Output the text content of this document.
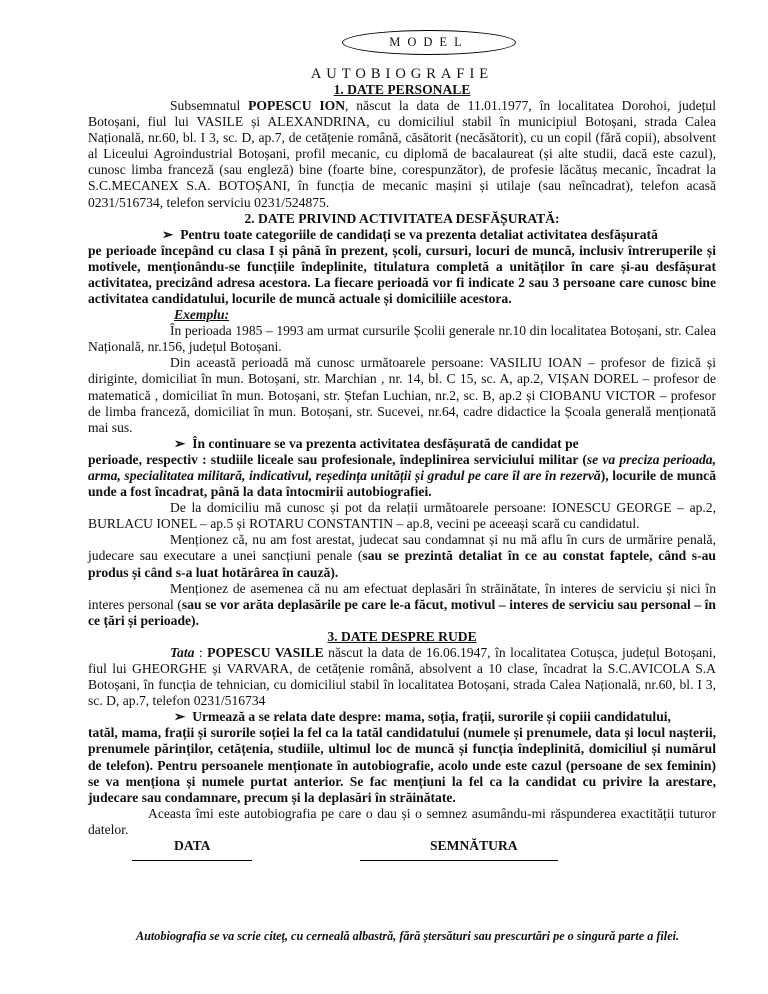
MODEL
AUTOBIOGRAFIE
1. DATE PERSONALE

Subsemnatul POPESCU ION, născut la data de 11.01.1977, în localitatea Dorohoi, județul Botoșani, fiul lui VASILE și ALEXANDRINA, cu domiciliul stabil în municipiul Botoșani, strada Calea Națională, nr.60, bl. I 3, sc. D, ap.7, de cetățenie română, căsătorit (necăsătorit), cu un copil (fără copii), absolvent al Liceului Agroindustrial Botoșani, profil mecanic, cu diplomă de bacalaureat (și alte studii, dacă este cazul), cunosc limba franceză (sau engleză) bine (foarte bine, corespunzător), de profesie lăcătuș mecanic, încadrat la S.C.MECANEX S.A. BOTOȘANI, în funcția de mecanic mașini și utilaje (sau neîncadrat), telefon acasă 0231/516734, telefon serviciu 0231/524875.

2. DATE PRIVIND ACTIVITATEA DESFĂȘURATĂ:

➢  Pentru toate categoriile de candidați se va prezenta detaliat activitatea desfășurată

pe perioade începând cu clasa I și până în prezent, școli, cursuri, locuri de muncă, inclusiv întreruperile și motivele, menționându-se funcțiile îndeplinite, titulatura completă a unităților în care și-au desfășurat activitatea, precizând adresa acestora. La fiecare perioadă vor fi indicate 2 sau 3 persoane care cunosc bine activitatea candidatului, locurile de muncă actuale și domiciliile acestora.

Exemplu:

În perioada 1985 – 1993 am urmat cursurile Școlii generale nr.10 din localitatea Botoșani, str. Calea Națională, nr.156, județul Botoșani.

Din această perioadă mă cunosc următoarele persoane: VASILIU IOAN – profesor de fizică și diriginte, domiciliat în mun. Botoșani, str. Marchian , nr. 14, bl. C 15, sc. A, ap.2, VIȘAN DOREL – profesor de matematică , domiciliat în mun. Botoșani, str. Ștefan Luchian, nr.2, sc. B, ap.2 și CIOBANU VICTOR – profesor de limba franceză, domiciliat în mun. Botoșani, str. Sucevei, nr.64, cadre didactice la Școala generală menționată mai sus.

➢  În continuare se va prezenta activitatea desfășurată de candidat pe

perioade, respectiv : studiile liceale sau profesionale, îndeplinirea serviciului militar (se va preciza perioada, arma, specialitatea militară, indicativul, reședința unității și gradul pe care îl are în rezervă), locurile de muncă unde a fost încadrat, până la data întocmirii autobiografiei.

De la domiciliu mă cunosc și pot da relații următoarele persoane: IONESCU GEORGE – ap.2, BURLACU IONEL – ap.5 și ROTARU CONSTANTIN – ap.8, vecini pe aceeași scară cu candidatul.

Menționez că, nu am fost arestat, judecat sau condamnat și nu mă aflu în curs de urmărire penală, judecare sau executare a unei sancțiuni penale (sau se prezintă detaliat în ce au constat faptele, când s-au produs și când s-a luat hotărârea în cauză).

Menționez de asemenea că nu am efectuat deplasări în străinătate, în interes de serviciu și nici în interes personal (sau se vor arăta deplasările pe care le-a făcut, motivul – interes de serviciu sau personal – în ce țări și perioade).

3. DATE DESPRE RUDE

Tata : POPESCU VASILE născut la data de 16.06.1947, în localitatea Cotușca, județul Botoșani, fiul lui GHEORGHE și VARVARA, de cetățenie română, absolvent a 10 clase, încadrat la S.C.AVICOLA S.A Botoșani, în funcția de tehnician, cu domiciliul stabil în localitatea Botoșani, strada Calea Națională, nr.60, bl. I 3, sc. D, ap.7, telefon 0231/516734

➢  Urmează a se relata date despre: mama, soția, frații, surorile și copiii candidatului,

tatăl, mama, frații și surorile soției la fel ca la tatăl candidatului (numele și prenumele, data și locul nașterii, prenumele părinților, cetățenia, studiile, ultimul loc de muncă și funcția îndeplinită, domiciliul și numărul de telefon). Pentru persoanele menționate în autobiografie, acolo unde este cazul (persoane de sex feminin) se va menționa și numele purtat anterior. Se fac mențiuni la fel ca la candidat cu privire la arestare, judecare sau condamnare, precum și la deplasări în străinătate.

Aceasta îmi este autobiografia pe care o dau și o semnez asumându-mi răspunderea exactității tuturor datelor.

DATA	SEMNĂTURA
Autobiografia se va scrie citeț, cu cerneală albastră, fără ștersături sau prescurtări pe o singură parte a filei.
